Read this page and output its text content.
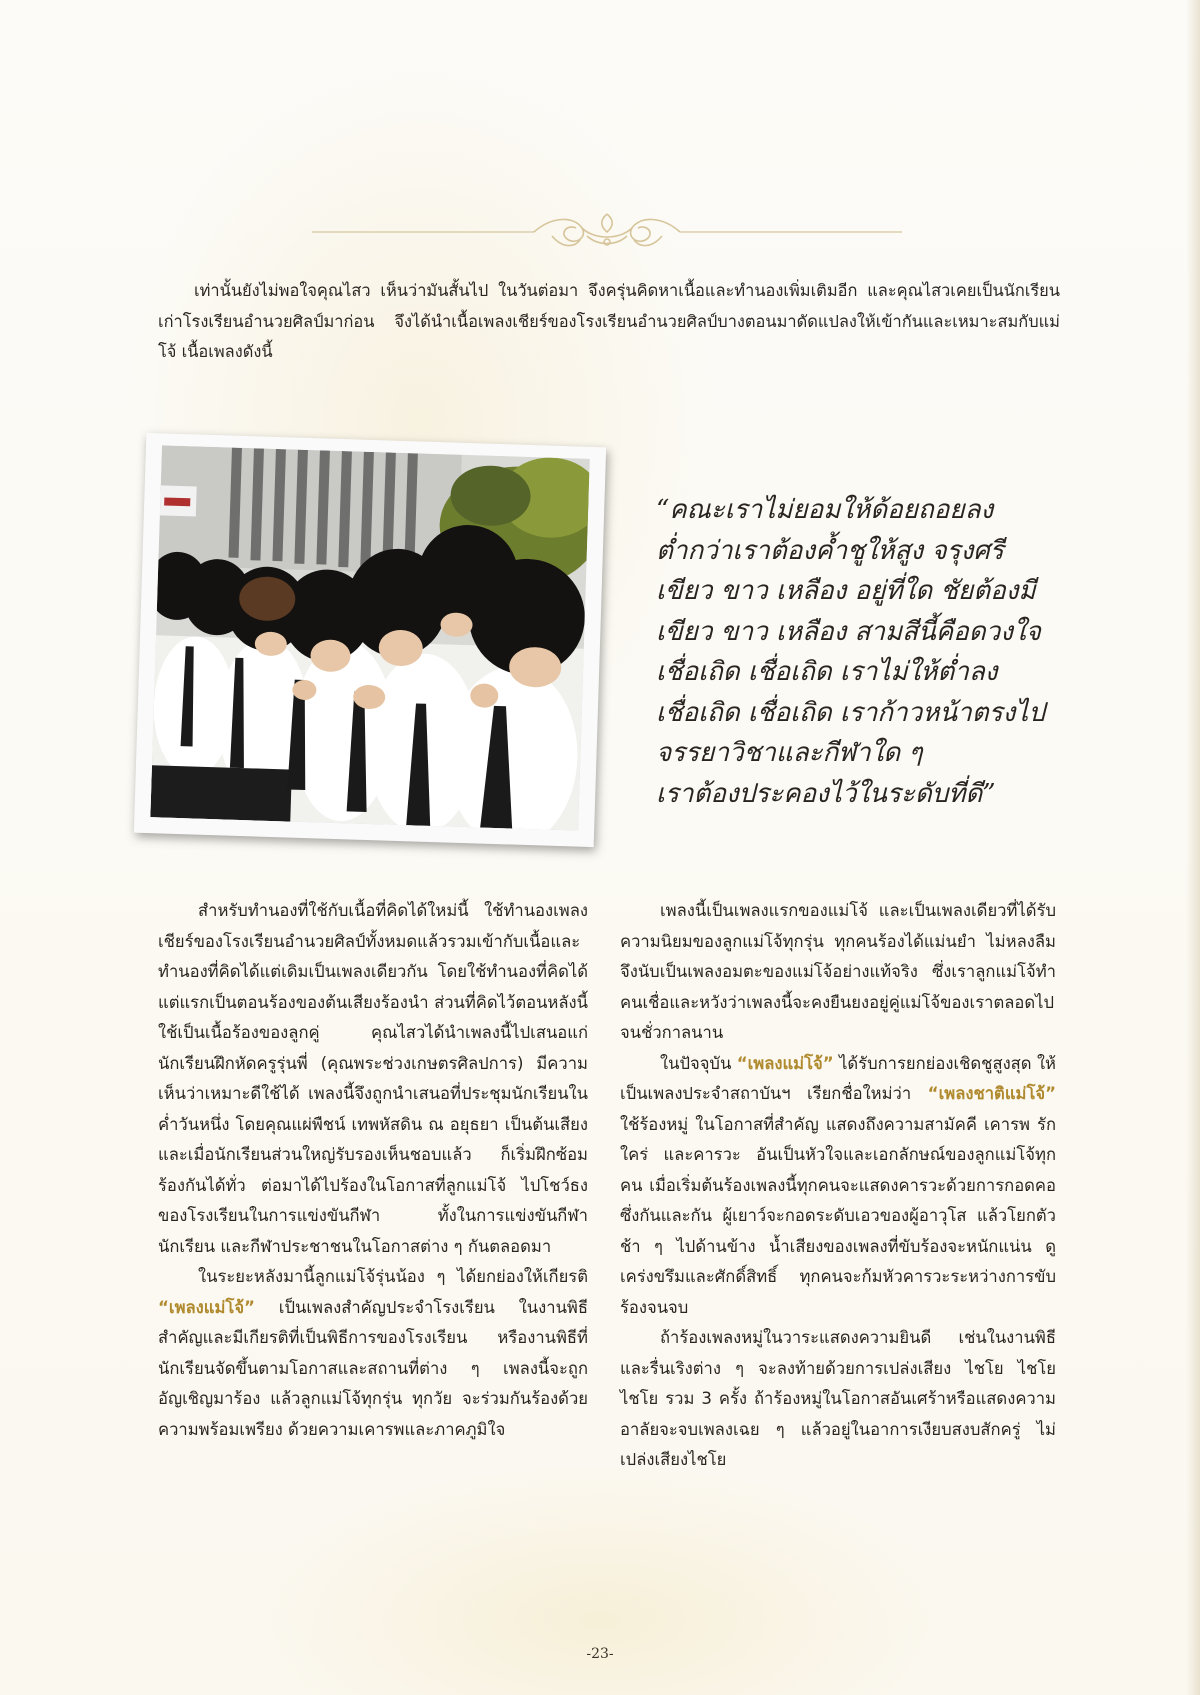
เท่านั้นยังไม่พอใจคุณไสว เห็นว่ามันสั้นไป ในวันต่อมา จึงครุ่นคิดหาเนื้อและทำนองเพิ่มเติมอีก และคุณไสวเคยเป็นนักเรียนเก่าโรงเรียนอำนวยศิลป์มาก่อน จึงได้นำเนื้อเพลงเชียร์ของโรงเรียนอำนวยศิลป์บางตอนมาดัดแปลงให้เข้ากันและเหมาะสมกับแม่โจ้ เนื้อเพลงดังนี้
“คณะเราไม่ยอมให้ด้อยถอยลง
ต่ำกว่าเราต้องค้ำชูให้สูง จรุงศรี
เขียว ขาว เหลือง อยู่ที่ใด ชัยต้องมี
เขียว ขาว เหลือง สามสีนี้คือดวงใจ
เชื่อเถิด เชื่อเถิด เราไม่ให้ต่ำลง
เชื่อเถิด เชื่อเถิด เราก้าวหน้าตรงไป
จรรยาวิชาและกีฬาใด ๆ
เราต้องประคองไว้ในระดับที่ดี”

สำหรับทำนองที่ใช้กับเนื้อที่คิดได้ใหม่นี้ ใช้ทำนองเพลงเชียร์ของโรงเรียนอำนวยศิลป์ทั้งหมดแล้วรวมเข้ากับเนื้อและทำนองที่คิดได้แต่เดิมเป็นเพลงเดียวกัน โดยใช้ทำนองที่คิดได้แต่แรกเป็นตอนร้องของต้นเสียงร้องนำ ส่วนที่คิดไว้ตอนหลังนี้ใช้เป็นเนื้อร้องของลูกคู่ คุณไสวได้นำเพลงนี้ไปเสนอแก่นักเรียนฝึกหัดครูรุ่นพี่ (คุณพระช่วงเกษตรศิลปการ) มีความเห็นว่าเหมาะดีใช้ได้ เพลงนี้จึงถูกนำเสนอที่ประชุมนักเรียนในค่ำวันหนึ่ง โดยคุณแผ่พืชน์ เทพหัสดิน ณ อยุธยา เป็นต้นเสียง และเมื่อนักเรียนส่วนใหญ่รับรองเห็นชอบแล้ว ก็เริ่มฝึกซ้อมร้องกันได้ทั่ว ต่อมาได้ไปร้องในโอกาสที่ลูกแม่โจ้ ไปโชว์ธงของโรงเรียนในการแข่งขันกีฬา ทั้งในการแข่งขันกีฬานักเรียน และกีฬาประชาชนในโอกาสต่าง ๆ กันตลอดมา

ในระยะหลังมานี้ลูกแม่โจ้รุ่นน้อง ๆ ได้ยกย่องให้เกียรติ “เพลงแม่โจ้” เป็นเพลงสำคัญประจำโรงเรียน ในงานพิธีสำคัญและมีเกียรติที่เป็นพิธีการของโรงเรียน หรืองานพิธีที่นักเรียนจัดขึ้นตามโอกาสและสถานที่ต่าง ๆ เพลงนี้จะถูกอัญเชิญมาร้อง แล้วลูกแม่โจ้ทุกรุ่น ทุกวัย จะร่วมกันร้องด้วยความพร้อมเพรียง ด้วยความเคารพและภาคภูมิใจ

เพลงนี้เป็นเพลงแรกของแม่โจ้ และเป็นเพลงเดียวที่ได้รับความนิยมของลูกแม่โจ้ทุกรุ่น ทุกคนร้องได้แม่นยำ ไม่หลงลืม จึงนับเป็นเพลงอมตะของแม่โจ้อย่างแท้จริง ซึ่งเราลูกแม่โจ้ทำคนเชื่อและหวังว่าเพลงนี้จะคงยืนยงอยู่คู่แม่โจ้ของเราตลอดไปจนชั่วกาลนาน

ในปัจจุบัน “เพลงแม่โจ้” ได้รับการยกย่องเชิดชูสูงสุด ให้เป็นเพลงประจำสถาบันฯ เรียกชื่อใหม่ว่า “เพลงชาติแม่โจ้” ใช้ร้องหมู่ ในโอกาสที่สำคัญ แสดงถึงความสามัคคี เคารพ รักใคร่ และคารวะ อันเป็นหัวใจและเอกลักษณ์ของลูกแม่โจ้ทุกคน เมื่อเริ่มต้นร้องเพลงนี้ทุกคนจะแสดงคารวะด้วยการกอดคอซึ่งกันและกัน ผู้เยาว์จะกอดระดับเอวของผู้อาวุโส แล้วโยกตัวช้า ๆ ไปด้านข้าง น้ำเสียงของเพลงที่ขับร้องจะหนักแน่น ดูเคร่งขรึมและศักดิ์สิทธิ์ ทุกคนจะก้มหัวคารวะระหว่างการขับร้องจนจบ

ถ้าร้องเพลงหมู่ในวาระแสดงความยินดี เช่นในงานพิธีและรื่นเริงต่าง ๆ จะลงท้ายด้วยการเปล่งเสียง ไชโย ไชโย ไชโย รวม 3 ครั้ง ถ้าร้องหมู่ในโอกาสอันเศร้าหรือแสดงความอาลัยจะจบเพลงเฉย ๆ แล้วอยู่ในอาการเงียบสงบสักครู่ ไม่เปล่งเสียงไชโย

-23-
